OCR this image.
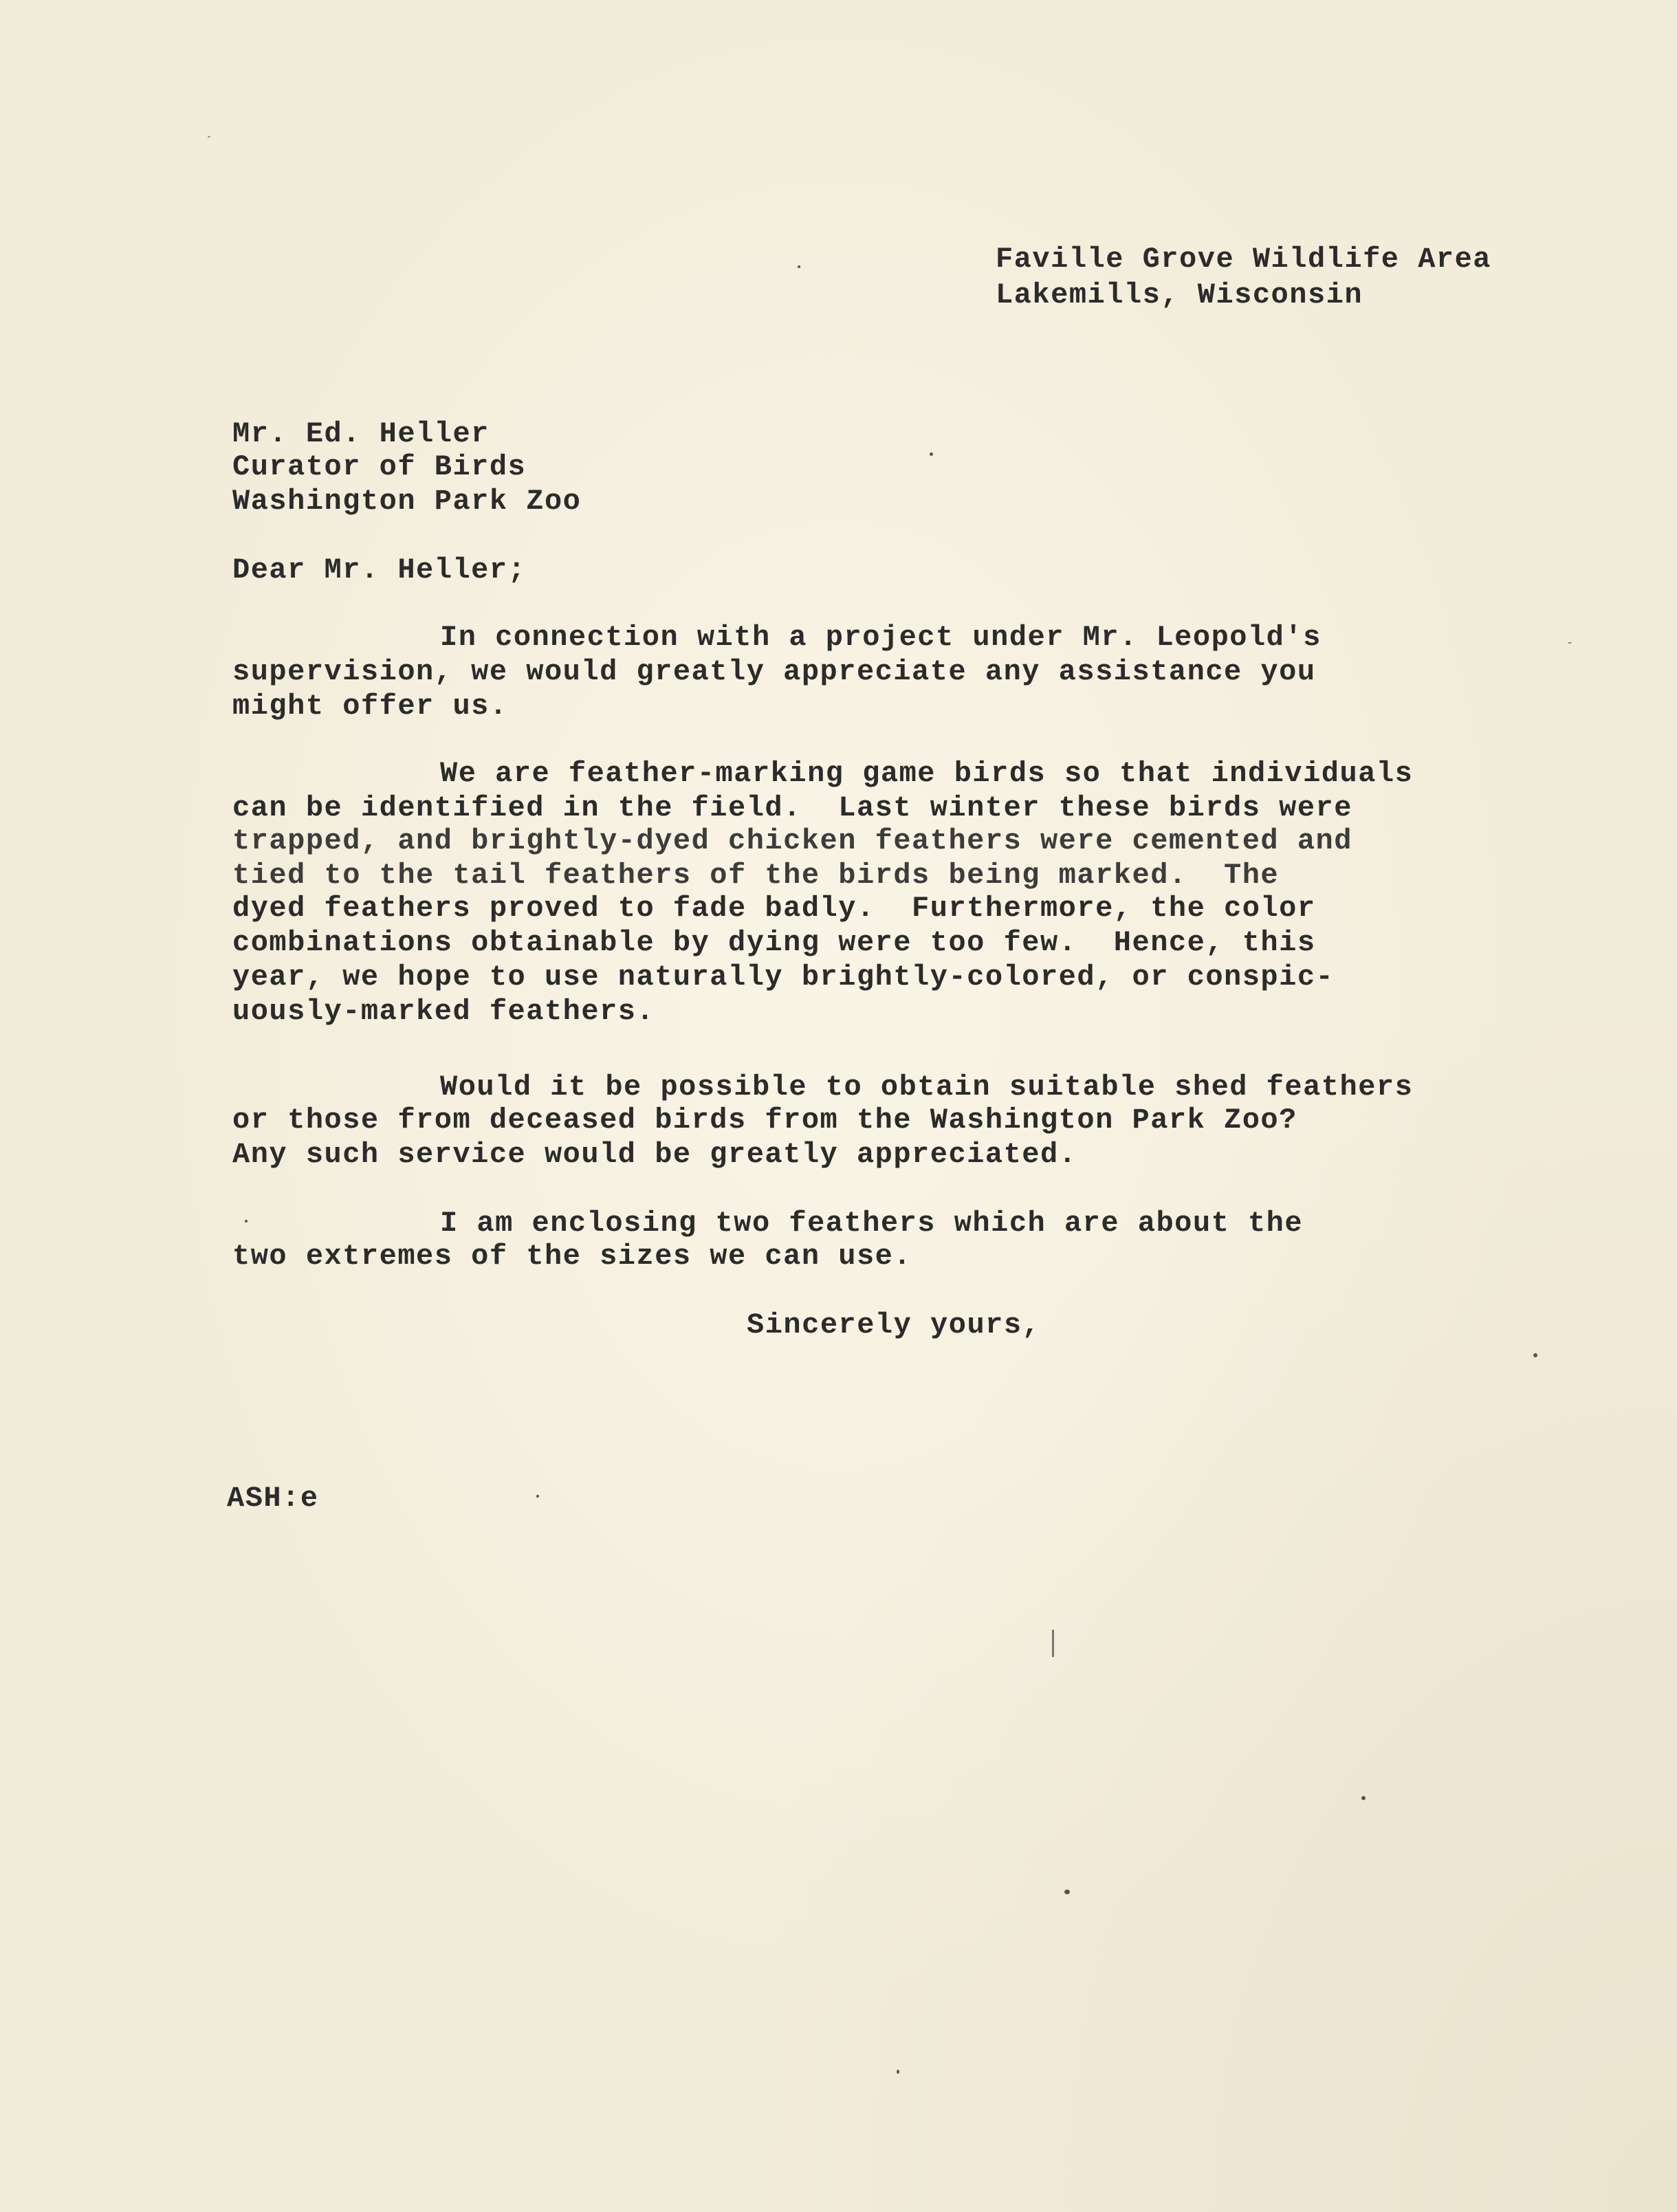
Faville Grove Wildlife Area
Lakemills, Wisconsin
Mr. Ed. Heller
Curator of Birds
Washington Park Zoo
Dear Mr. Heller;
In connection with a project under Mr. Leopold's
supervision, we would greatly appreciate any assistance you
might offer us.
We are feather-marking game birds so that individuals
can be identified in the field.  Last winter these birds were
trapped, and brightly-dyed chicken feathers were cemented and
tied to the tail feathers of the birds being marked.  The
dyed feathers proved to fade badly.  Furthermore, the color
combinations obtainable by dying were too few.  Hence, this
year, we hope to use naturally brightly-colored, or conspic-
uously-marked feathers.
Would it be possible to obtain suitable shed feathers
or those from deceased birds from the Washington Park Zoo?
Any such service would be greatly appreciated.
I am enclosing two feathers which are about the
two extremes of the sizes we can use.
Sincerely yours,
ASH:e
